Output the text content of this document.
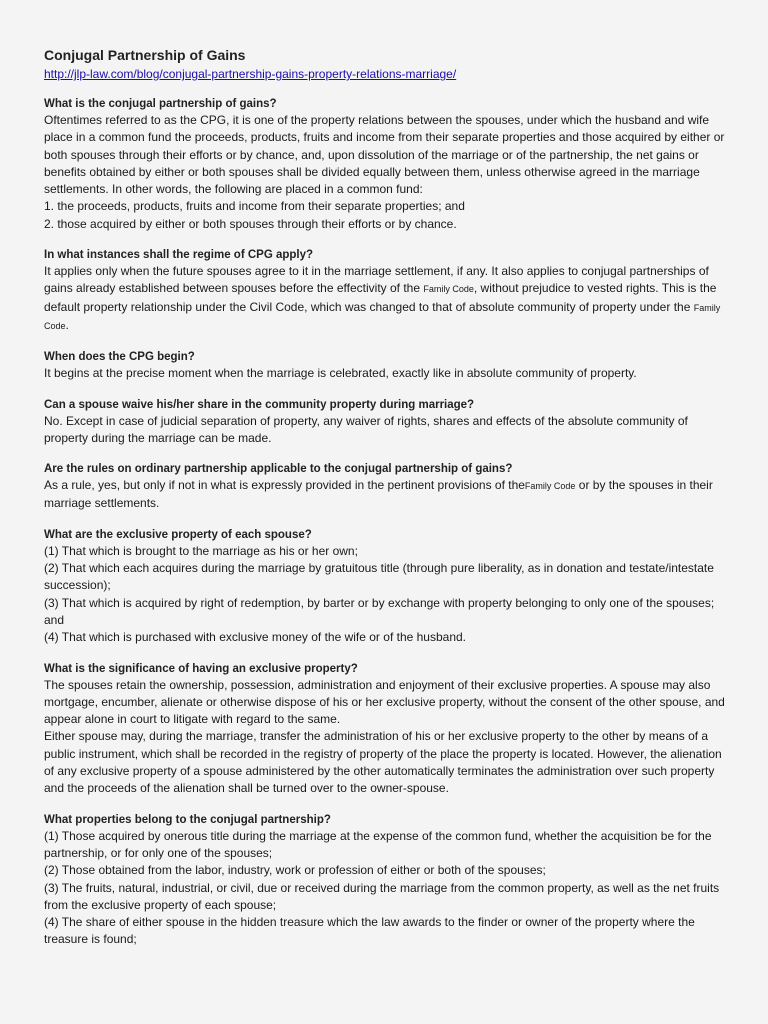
Conjugal Partnership of Gains
http://jlp-law.com/blog/conjugal-partnership-gains-property-relations-marriage/
What is the conjugal partnership of gains?
Oftentimes referred to as the CPG, it is one of the property relations between the spouses, under which the husband and wife place in a common fund the proceeds, products, fruits and income from their separate properties and those acquired by either or both spouses through their efforts or by chance, and, upon dissolution of the marriage or of the partnership, the net gains or benefits obtained by either or both spouses shall be divided equally between them, unless otherwise agreed in the marriage settlements. In other words, the following are placed in a common fund:
1. the proceeds, products, fruits and income from their separate properties; and
2. those acquired by either or both spouses through their efforts or by chance.
In what instances shall the regime of CPG apply?
It applies only when the future spouses agree to it in the marriage settlement, if any. It also applies to conjugal partnerships of gains already established between spouses before the effectivity of the Family Code, without prejudice to vested rights. This is the default property relationship under the Civil Code, which was changed to that of absolute community of property under the Family Code.
When does the CPG begin?
It begins at the precise moment when the marriage is celebrated, exactly like in absolute community of property.
Can a spouse waive his/her share in the community property during marriage?
No. Except in case of judicial separation of property, any waiver of rights, shares and effects of the absolute community of property during the marriage can be made.
Are the rules on ordinary partnership applicable to the conjugal partnership of gains?
As a rule, yes, but only if not in what is expressly provided in the pertinent provisions of theFamily Code or by the spouses in their marriage settlements.
What are the exclusive property of each spouse?
(1) That which is brought to the marriage as his or her own;
(2) That which each acquires during the marriage by gratuitous title (through pure liberality, as in donation and testate/intestate succession);
(3) That which is acquired by right of redemption, by barter or by exchange with property belonging to only one of the spouses; and
(4) That which is purchased with exclusive money of the wife or of the husband.
What is the significance of having an exclusive property?
The spouses retain the ownership, possession, administration and enjoyment of their exclusive properties. A spouse may also mortgage, encumber, alienate or otherwise dispose of his or her exclusive property, without the consent of the other spouse, and appear alone in court to litigate with regard to the same.
Either spouse may, during the marriage, transfer the administration of his or her exclusive property to the other by means of a public instrument, which shall be recorded in the registry of property of the place the property is located. However, the alienation of any exclusive property of a spouse administered by the other automatically terminates the administration over such property and the proceeds of the alienation shall be turned over to the owner-spouse.
What properties belong to the conjugal partnership?
(1) Those acquired by onerous title during the marriage at the expense of the common fund, whether the acquisition be for the partnership, or for only one of the spouses;
(2) Those obtained from the labor, industry, work or profession of either or both of the spouses;
(3) The fruits, natural, industrial, or civil, due or received during the marriage from the common property, as well as the net fruits from the exclusive property of each spouse;
(4) The share of either spouse in the hidden treasure which the law awards to the finder or owner of the property where the treasure is found;
